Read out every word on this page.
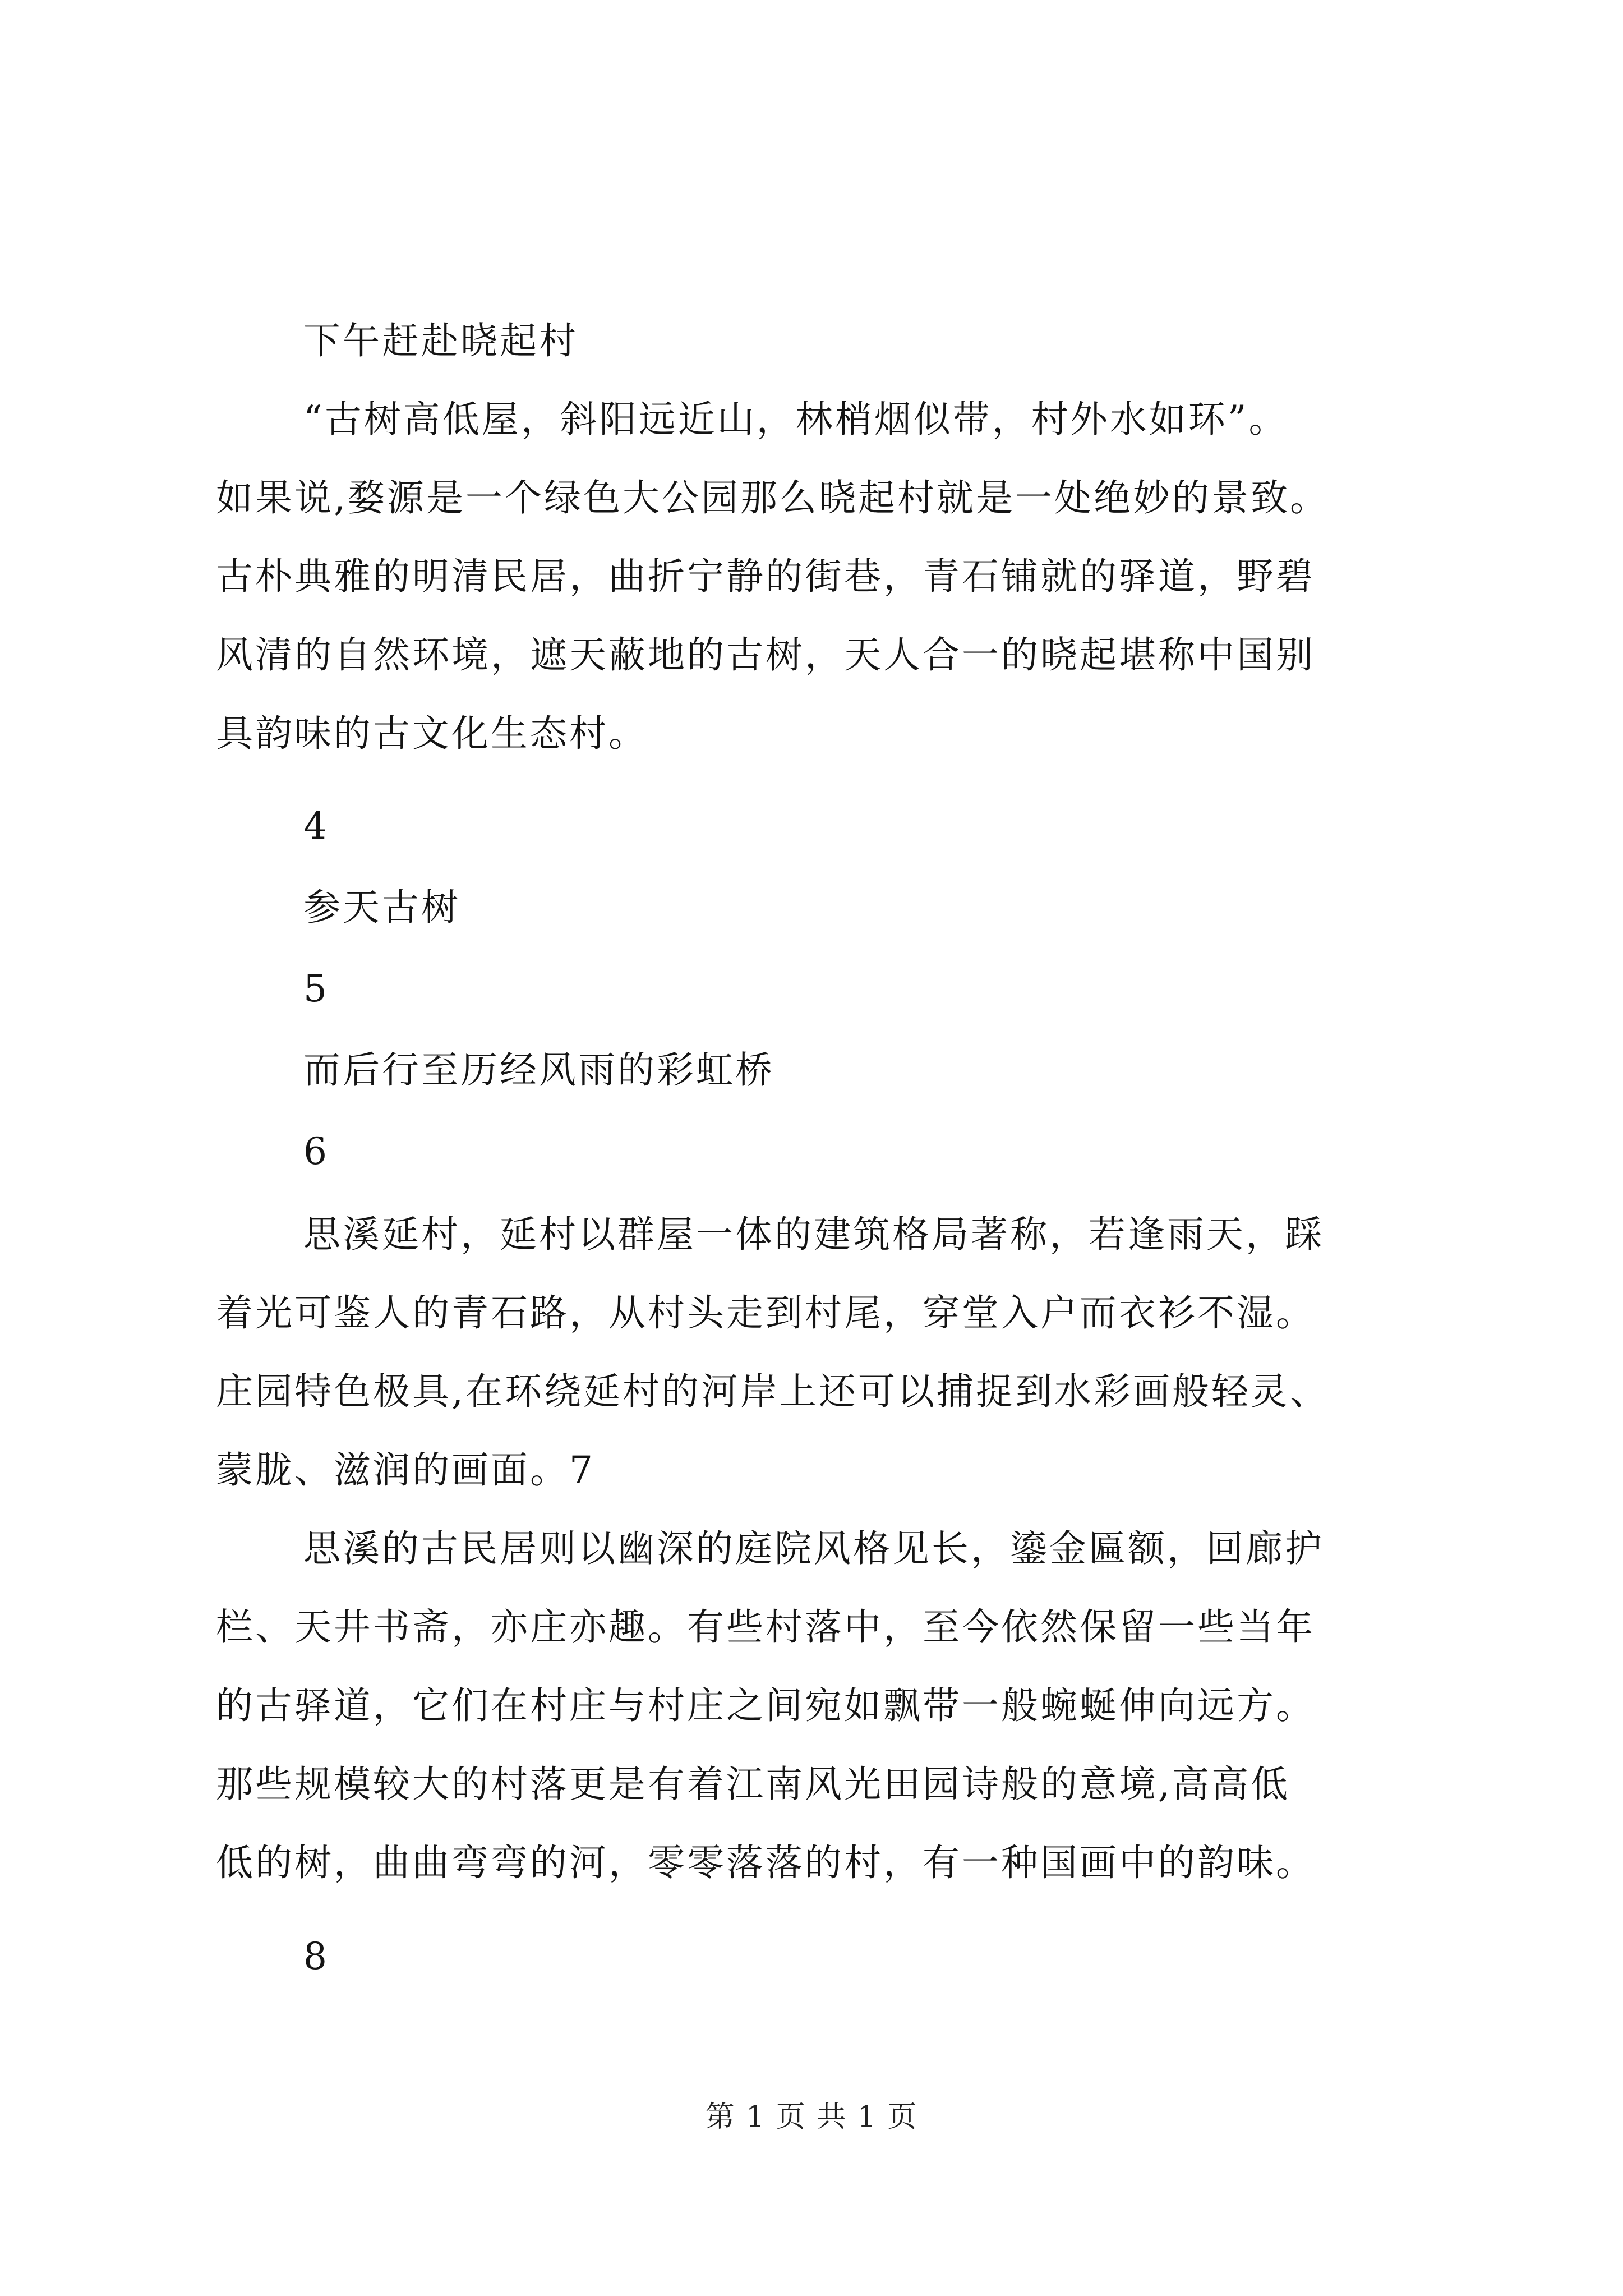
下午赶赴晓起村
“古树高低屋，斜阳远近山，林梢烟似带，村外水如环”。
如果说,婺源是一个绿色大公园那么晓起村就是一处绝妙的景致。
古朴典雅的明清民居，曲折宁静的街巷，青石铺就的驿道，野碧
风清的自然环境，遮天蔽地的古树，天人合一的晓起堪称中国别
具韵味的古文化生态村。
4
参天古树
5
而后行至历经风雨的彩虹桥
6
思溪延村，延村以群屋一体的建筑格局著称，若逢雨天，踩
着光可鉴人的青石路，从村头走到村尾，穿堂入户而衣衫不湿。
庄园特色极具,在环绕延村的河岸上还可以捕捉到水彩画般轻灵、
蒙胧、滋润的画面。7
思溪的古民居则以幽深的庭院风格见长，鎏金匾额，回廊护
栏、天井书斋，亦庄亦趣。有些村落中，至今依然保留一些当年
的古驿道，它们在村庄与村庄之间宛如飘带一般蜿蜒伸向远方。
那些规模较大的村落更是有着江南风光田园诗般的意境,高高低
低的树，曲曲弯弯的河，零零落落的村，有一种国画中的韵味。
8
第 1 页 共 1 页
